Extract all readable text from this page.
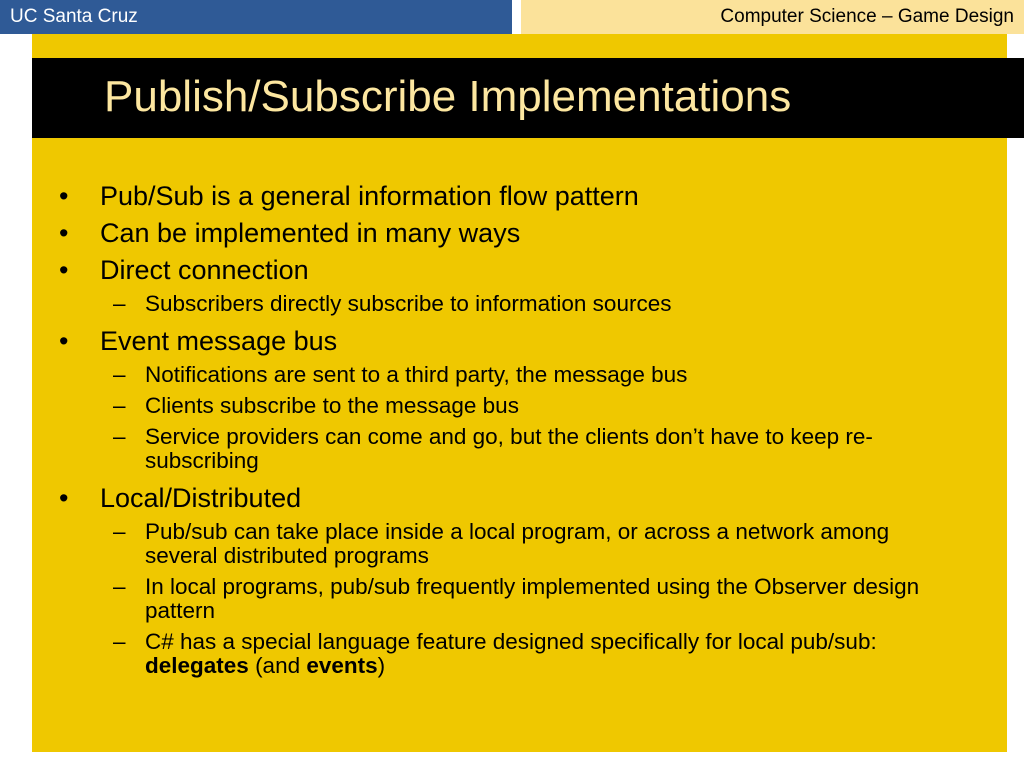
UC Santa Cruz	Computer Science – Game Design
Publish/Subscribe Implementations
•	Pub/Sub is a general information flow pattern
•	Can be implemented in many ways
•	Direct connection
– Subscribers directly subscribe to information sources
•	Event message bus
– Notifications are sent to a third party, the message bus
– Clients subscribe to the message bus
– Service providers can come and go, but the clients don’t have to keep re-subscribing
•	Local/Distributed
– Pub/sub can take place inside a local program, or across a network among several distributed programs
– In local programs, pub/sub frequently implemented using the Observer design pattern
– C# has a special language feature designed specifically for local pub/sub: delegates (and events)
